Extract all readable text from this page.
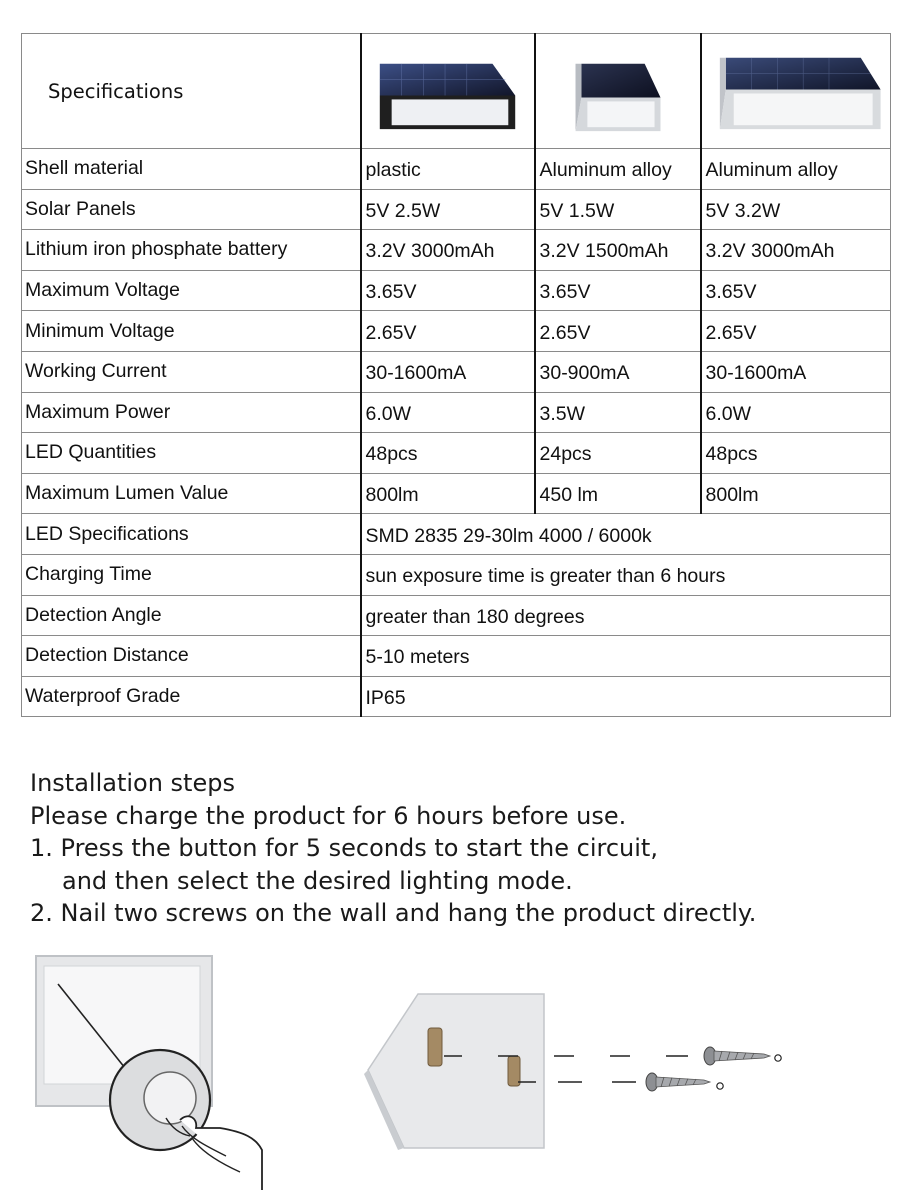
Specifications	

Shell material	plastic	Aluminum alloy	Aluminum alloy
Solar Panels	5V 2.5W	5V 1.5W	5V 3.2W
Lithium iron phosphate battery	3.2V 3000mAh	3.2V 1500mAh	3.2V 3000mAh
Maximum Voltage	3.65V	3.65V	3.65V
Minimum Voltage	2.65V	2.65V	2.65V
Working Current	30-1600mA	30-900mA	30-1600mA
Maximum Power	6.0W	3.5W	6.0W
LED Quantities	48pcs	24pcs	48pcs
Maximum Lumen Value	800lm	450 lm	800lm
LED Specifications	SMD 2835 29-30lm 4000 / 6000k		
Charging Time	sun exposure time is greater than 6 hours		
Detection Angle	greater than 180 degrees		
Detection Distance	5-10 meters		
Waterproof Grade	IP65		
Installation steps
Please charge the product for 6 hours before use.
1. Press the button for 5 seconds to start the circuit,
and then select the desired lighting mode.
2. Nail two screws on the wall and hang the product directly.
